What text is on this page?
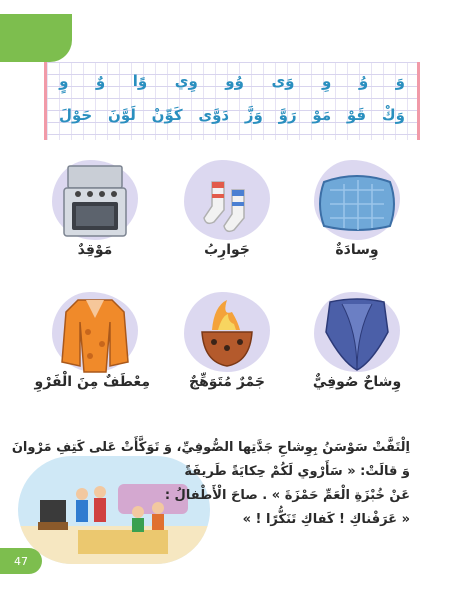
وَ
وُ
وِ
وَى
وُو
وِي
وًا
وٌ
وٍ
وَكْ
قَوْ
مَوْ
رَوَّ
وَزَّ
دَوَّى
كَوِّنْ
لَوَّنَ
حَوْلَ
وِسادَةٌ
جَوارِبُ
مَوْقِدٌ
وِشاحٌ صُوفِيٌّ
جَمْرٌ مُتَوَهِّجٌ
مِعْطَفٌ مِنَ الْفَرْوِ
اِلْتَفَّتْ سَوْسَنُ بِوِشاحِ جَدَّتِها الصُّوفِيِّ، وَ تَوَكَّأَتْ عَلى كَتِفِ مَرْوانَ
وَ قالَتْ: « سَأَرْوي لَكُمْ حِكايَةً طَريفَةً
عَنْ خُبْزَةِ الْعَمِّ حَمْزَةَ » . صاحَ الْأَطْفالُ :
« عَرَفْناكِ ! كَفاكِ تَنَكُّرًا ! »
47
